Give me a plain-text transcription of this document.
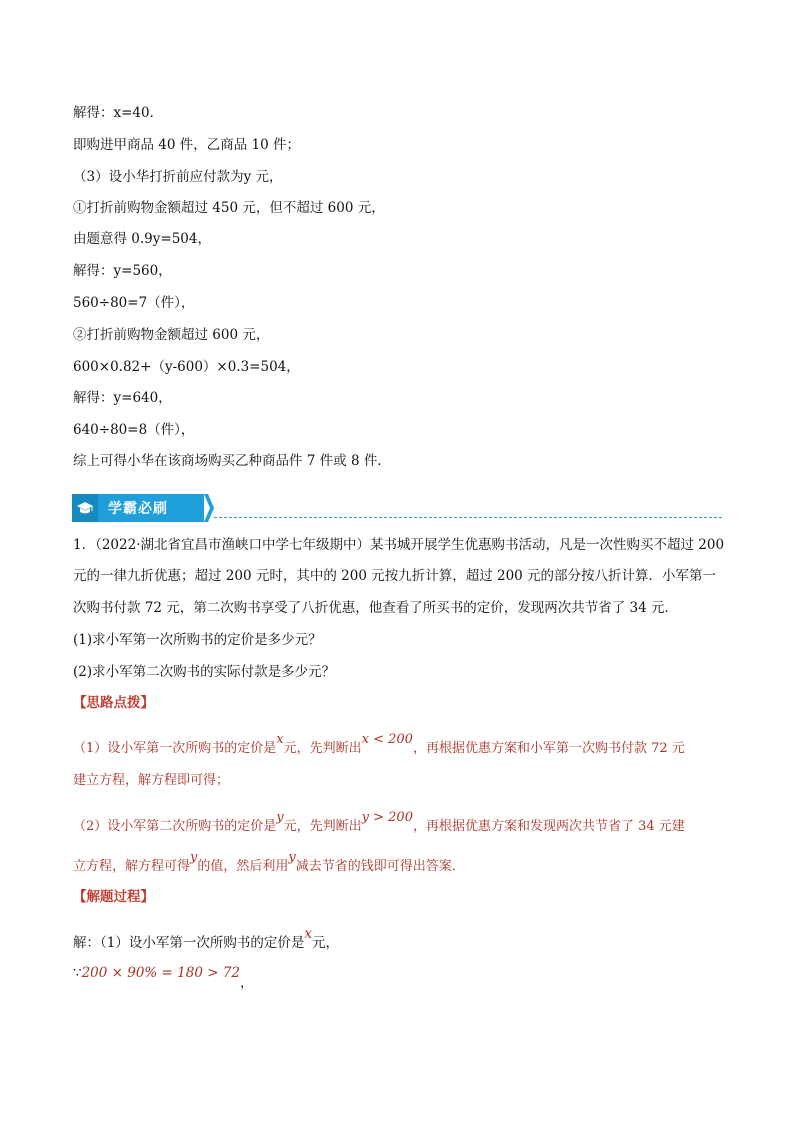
解得：x=40．
即购进甲商品 40 件，乙商品 10 件；
（3）设小华打折前应付款为y 元，
①打折前购物金额超过 450 元，但不超过 600 元，
由题意得 0.9y=504，
解得：y=560，
560÷80=7（件），
②打折前购物金额超过 600 元，
600×0.82+（y-600）×0.3=504，
解得：y=640，
640÷80=8（件），
综上可得小华在该商场购买乙种商品件 7 件或 8 件．
学霸必刷
1．（2022·湖北省宜昌市渔峡口中学七年级期中）某书城开展学生优惠购书活动，凡是一次性购买不超过 200
元的一律九折优惠；超过 200 元时，其中的 200 元按九折计算，超过 200 元的部分按八折计算．小军第一
次购书付款 72 元，第二次购书享受了八折优惠，他查看了所买书的定价，发现两次共节省了 34 元．
(1)求小军第一次所购书的定价是多少元？
(2)求小军第二次购书的实际付款是多少元？
【思路点拨】
（1）设小军第一次所购书的定价是x元，先判断出x < 200，再根据优惠方案和小军第一次购书付款 72 元
建立方程，解方程即可得；
（2）设小军第二次所购书的定价是y元，先判断出y > 200，再根据优惠方案和发现两次共节省了 34 元建
立方程，解方程可得y的值，然后利用y减去节省的钱即可得出答案．
【解题过程】
解：（1）设小军第一次所购书的定价是x元，
∵200 × 90% = 180 > 72，
